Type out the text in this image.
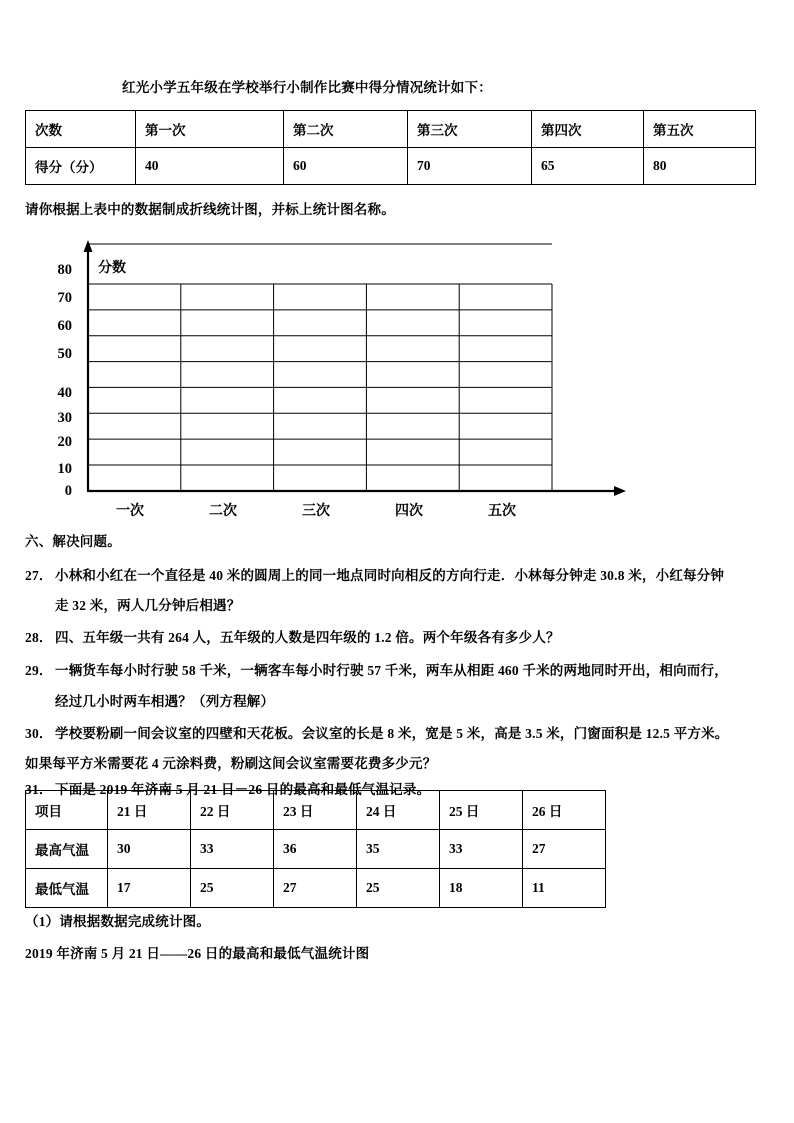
红光小学五年级在学校举行小制作比赛中得分情况统计如下：
次数	第一次	第二次	第三次	第四次	第五次
得分（分）	40	60	70	65	80
请你根据上表中的数据制成折线统计图，并标上统计图名称。
80
70
60
50
40
30
20
10
0
分数
一次	二次	三次	四次	五次
六、解决问题。
27． 小林和小红在一个直径是 40 米的圆周上的同一地点同时向相反的方向行走．小林每分钟走 30.8 米，小红每分钟
走 32 米，两人几分钟后相遇？
28． 四、五年级一共有 264 人，五年级的人数是四年级的 1.2 倍。两个年级各有多少人？
29． 一辆货车每小时行驶 58 千米，一辆客车每小时行驶 57 千米，两车从相距 460 千米的两地同时开出，相向而行，
经过几小时两车相遇？（列方程解）
30． 学校要粉刷一间会议室的四壁和天花板。会议室的长是 8 米，宽是 5 米，高是 3.5 米，门窗面积是 12.5 平方米。
如果每平方米需要花 4 元涂料费，粉刷这间会议室需要花费多少元？
31． 下面是 2019 年济南 5 月 21 日－26 日的最高和最低气温记录。
项目	21 日	22 日	23 日	24 日	25 日	26 日
最高气温	30	33	36	35	33	27
最低气温	17	25	27	25	18	11
（1）请根据数据完成统计图。
2019 年济南 5 月 21 日——26 日的最高和最低气温统计图
